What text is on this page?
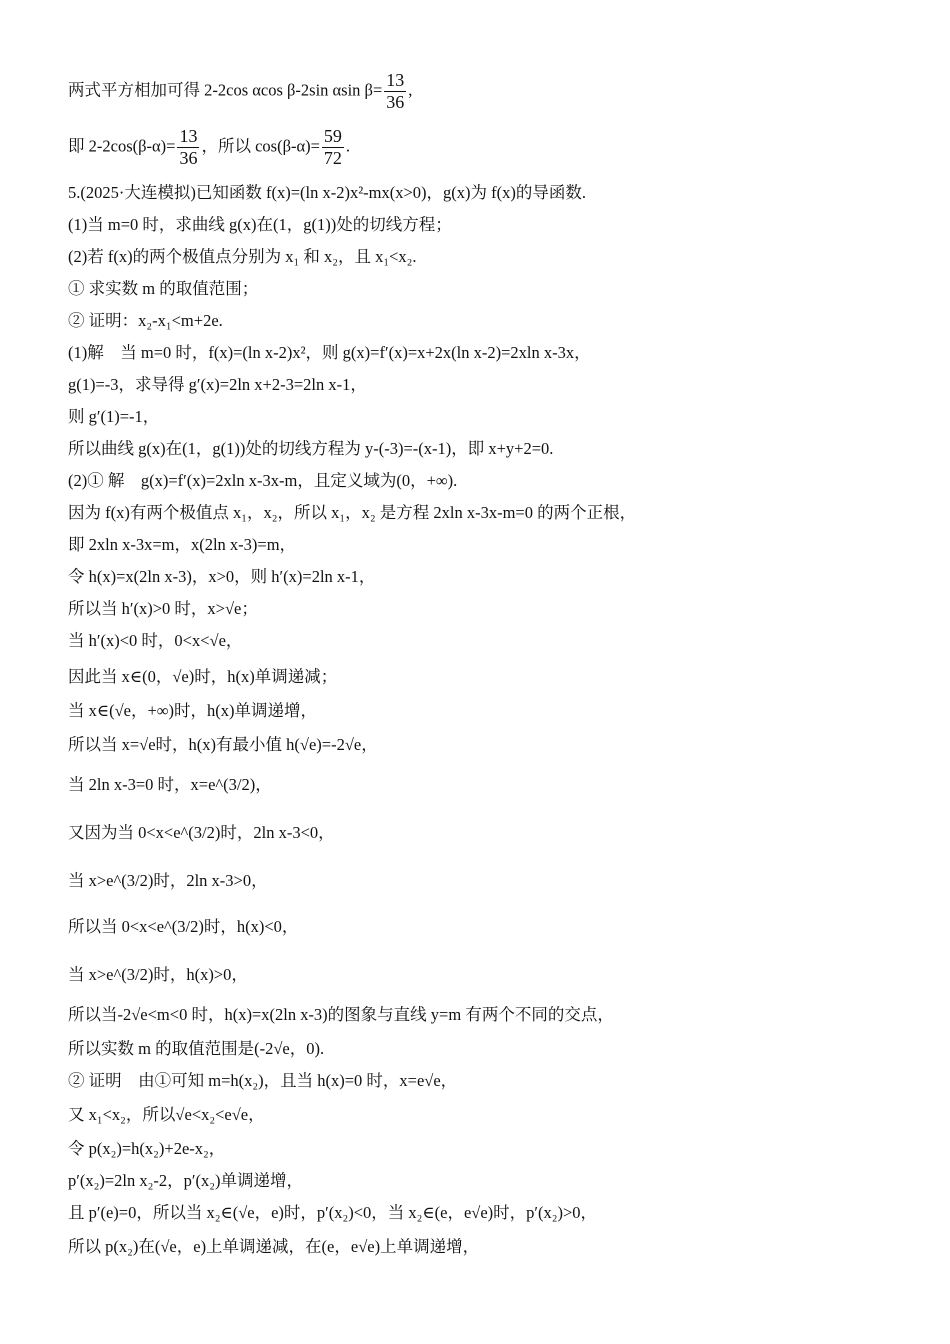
两式平方相加可得 2-2cos αcos β-2sin αsin $\beta= \frac{13}{36}$ ,
即 $2-2\cos(\beta-\alpha)= \frac{13}{36}$ ，所以 $\cos(\beta-\alpha)= \frac{59}{72}$ .
5.(2025·大连模拟)已知函数 f(x)=(ln x-2)x²-mx(x>0)，g(x)为 f(x)的导函数.
(1)当 m=0 时，求曲线 g(x)在(1，g(1))处的切线方程；
(2)若 f(x)的两个极值点分别为 x₁ 和 x₂，且 x₁<x₂.
① 求实数 m 的取值范围；
② 证明：x₂-x₁<m+2e.
(1)解　当 m=0 时，f(x)=(ln x-2)x²，则 g(x)=f′(x)=x+2x(ln x-2)=2xln x-3x，
g(1)=-3，求导得 g′(x)=2ln x+2-3=2ln x-1，
则 g′(1)=-1，
所以曲线 g(x)在(1，g(1))处的切线方程为 y-(-3)=-(x-1)，即 x+y+2=0.
(2)① 解　g(x)=f′(x)=2xln x-3x-m，且定义域为(0，+∞).
因为 f(x)有两个极值点 x₁，x₂，所以 x₁，x₂ 是方程 2xln x-3x-m=0 的两个正根，
即 2xln x-3x=m，x(2ln x-3)=m，
令 h(x)=x(2ln x-3)，x>0，则 h′(x)=2ln x-1，
所以当 h′(x)>0 时，x>√e；
当 h′(x)<0 时，0<x<√e，
因此当 x∈(0，√e)时，h(x)单调递减；
当 x∈(√e，+∞)时，h(x)单调递增，
所以当 x=√e时，h(x)有最小值 h(√e)=-2√e，
当 2ln x-3=0 时，x=e^(3/2)，
又因为当 0<x<e^(3/2)时，2ln x-3<0，
当 x>e^(3/2)时，2ln x-3>0，
所以当 0<x<e^(3/2)时，h(x)<0，
当 x>e^(3/2)时，h(x)>0，
所以当-2√e<m<0 时，h(x)=x(2ln x-3)的图象与直线 y=m 有两个不同的交点，
所以实数 m 的取值范围是(-2√e，0).
② 证明　由①可知 m=h(x₂)，且当 h(x)=0 时，x=e√e，
又 x₁<x₂，所以√e<x₂<e√e，
令 p(x₂)=h(x₂)+2e-x₂，
p′(x₂)=2ln x₂-2，p′(x₂)单调递增，
且 p′(e)=0，所以当 x₂∈(√e，e)时，p′(x₂)<0，当 x₂∈(e，e√e)时，p′(x₂)>0，
所以 p(x₂)在(√e，e)上单调递减，在(e，e√e)上单调递增，
